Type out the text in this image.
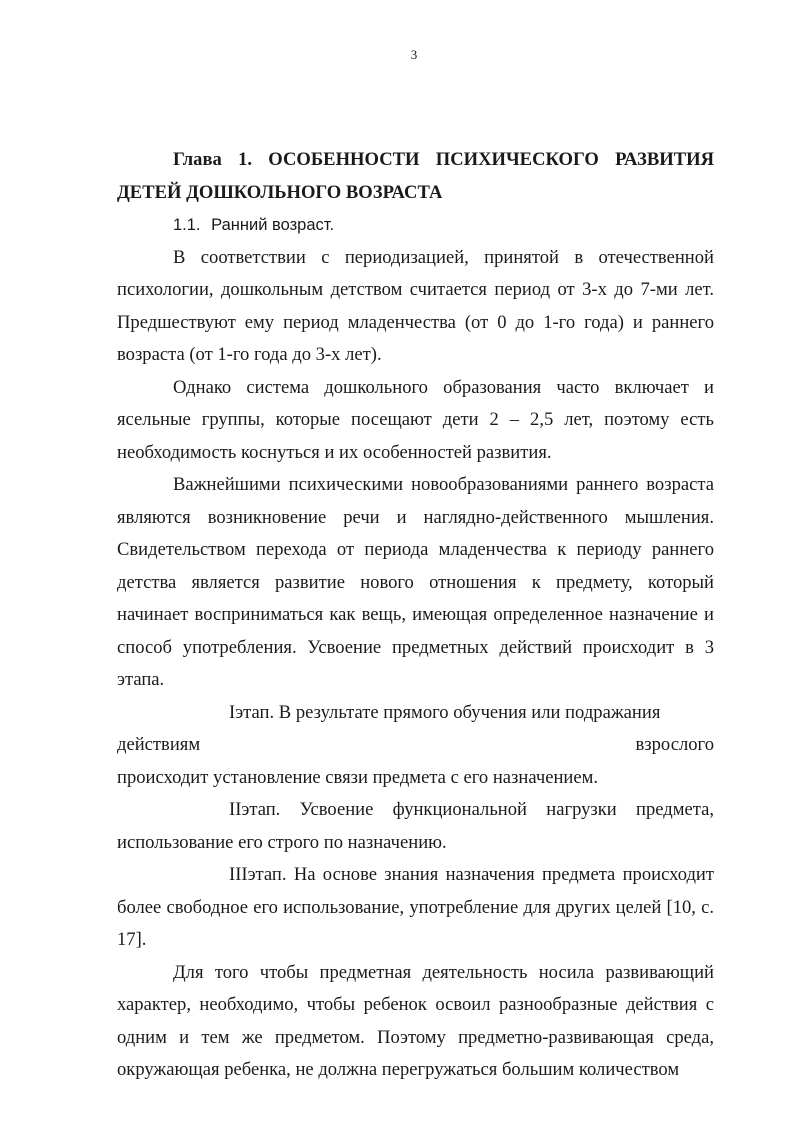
3

Глава 1. ОСОБЕННОСТИ ПСИХИЧЕСКОГО РАЗВИТИЯ ДЕТЕЙ ДОШКОЛЬНОГО ВОЗРАСТА

1.1. Ранний возраст.

В соответствии с периодизацией, принятой в отечественной психологии, дошкольным детством считается период от 3-х до 7-ми лет. Предшествуют ему период младенчества (от 0 до 1-го года) и раннего возраста (от 1-го года до 3-х лет).

Однако система дошкольного образования часто включает и ясельные группы, которые посещают дети 2 – 2,5 лет, поэтому есть необходимость коснуться и их особенностей развития.

Важнейшими психическими новообразованиями раннего возраста являются возникновение речи и наглядно-действенного мышления. Свидетельством перехода от периода младенчества к периоду раннего детства является развитие нового отношения к предмету, который начинает восприниматься как вещь, имеющая определенное назначение и способ употребления. Усвоение предметных действий происходит в 3 этапа.

Iэтап. В результате прямого обучения или подражания

действиям	взрослого

происходит установление связи предмета с его назначением.

IIэтап. Усвоение функциональной нагрузки предмета, использование его строго по назначению.

IIIэтап. На основе знания назначения предмета происходит более свободное его использование, употребление для других целей [10, с. 17].

Для того чтобы предметная деятельность носила развивающий характер, необходимо, чтобы ребенок освоил разнообразные действия с одним и тем же предметом. Поэтому предметно-развивающая среда, окружающая ребенка, не должна перегружаться большим количеством
